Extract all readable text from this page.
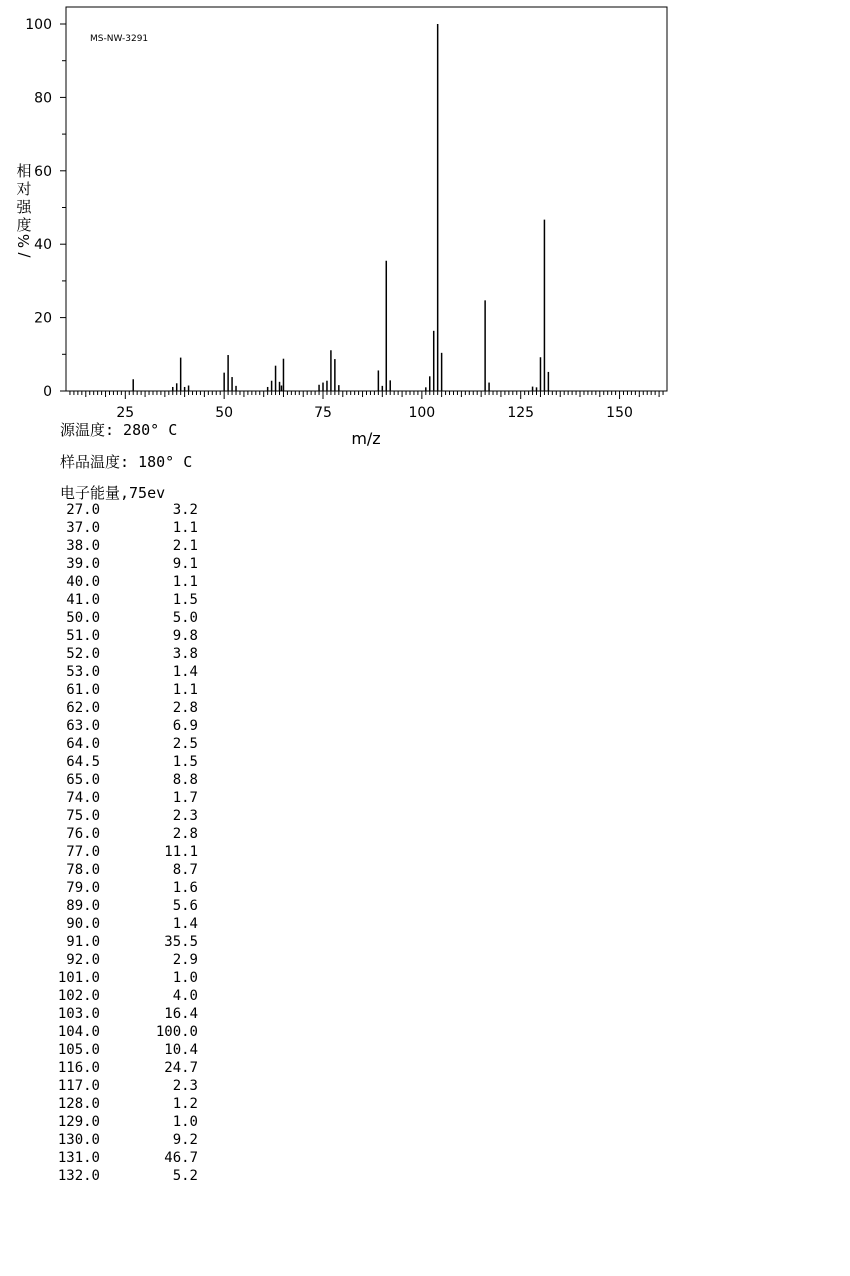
0
20
40
60
80
100
25	50	75	100	125	150
MS-NW-3291
m/z
相
对
强
度
%
/
源温度: 280° C
样品温度: 180° C
电子能量,75ev
27.0	3.2
37.0	1.1
38.0	2.1
39.0	9.1
40.0	1.1
41.0	1.5
50.0	5.0
51.0	9.8
52.0	3.8
53.0	1.4
61.0	1.1
62.0	2.8
63.0	6.9
64.0	2.5
64.5	1.5
65.0	8.8
74.0	1.7
75.0	2.3
76.0	2.8
77.0	11.1
78.0	8.7
79.0	1.6
89.0	5.6
90.0	1.4
91.0	35.5
92.0	2.9
101.0	1.0
102.0	4.0
103.0	16.4
104.0	100.0
105.0	10.4
116.0	24.7
117.0	2.3
128.0	1.2
129.0	1.0
130.0	9.2
131.0	46.7
132.0	5.2
